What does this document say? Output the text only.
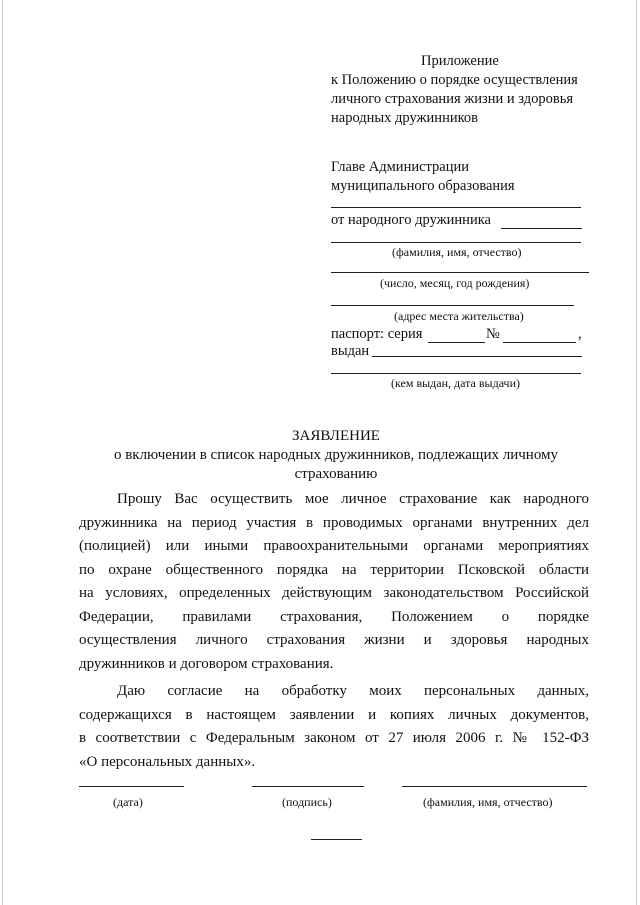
Приложение
к Положению о порядке осуществления
личного страхования жизни и здоровья
народных дружинников
Главе Администрации
муниципального образования
от народного дружинника
(фамилия, имя, отчество)
(число, месяц, год рождения)
(адрес места жительства)
паспорт: серия	№	,
выдан
(кем выдан, дата выдачи)
ЗАЯВЛЕНИЕ
о включении в список народных дружинников, подлежащих личному
страхованию
Прошу Вас осуществить мое личное страхование как народного
дружинника на период участия в проводимых органами внутренних дел
(полицией) или иными правоохранительными органами мероприятиях
по охране общественного порядка на территории Псковской области
на условиях, определенных действующим законодательством Российской
Федерации, правилами страхования, Положением о порядке
осуществления личного страхования жизни и здоровья народных
дружинников и договором страхования.
Даю согласие на обработку моих персональных данных,
содержащихся в настоящем заявлении и копиях личных документов,
в соответствии с Федеральным законом от 27 июля 2006 г. № 152-ФЗ
«О персональных данных».
(дата)	(подпись)	(фамилия, имя, отчество)
